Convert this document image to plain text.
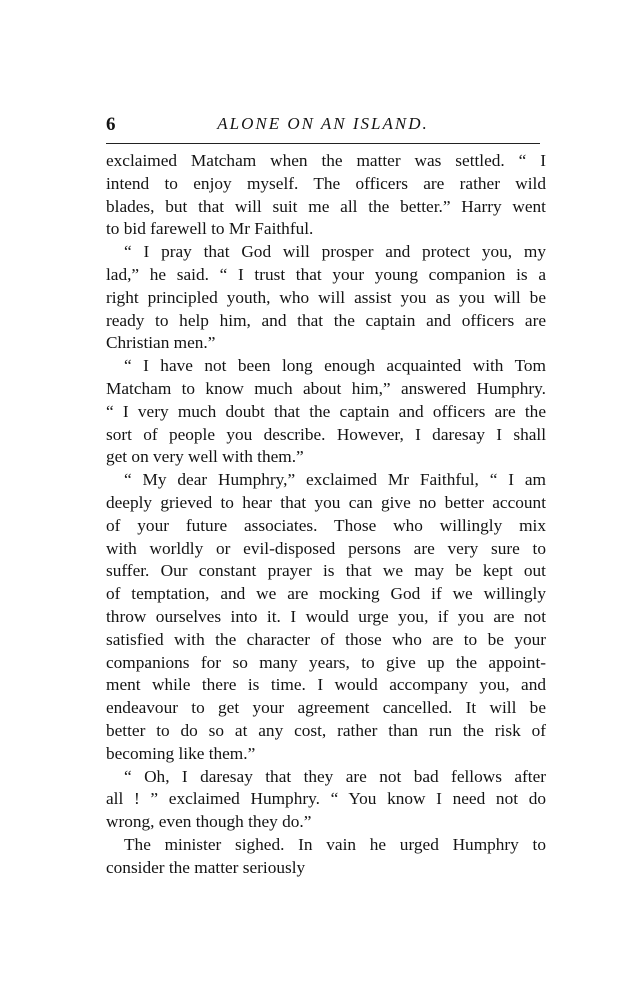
6	ALONE ON AN ISLAND.
exclaimed Matcham when the matter was settled. “ I
intend to enjoy myself. The officers are rather wild
blades, but that will suit me all the better.” Harry went
to bid farewell to Mr Faithful.
“ I pray that God will prosper and protect you, my
lad,” he said. “ I trust that your young companion is a
right principled youth, who will assist you as you will be
ready to help him, and that the captain and officers are
Christian men.”
“ I have not been long enough acquainted with Tom
Matcham to know much about him,” answered Humphry.
“ I very much doubt that the captain and officers are the
sort of people you describe. However, I daresay I shall
get on very well with them.”
“ My dear Humphry,” exclaimed Mr Faithful, “ I am
deeply grieved to hear that you can give no better account
of your future associates. Those who willingly mix
with worldly or evil-disposed persons are very sure to
suffer. Our constant prayer is that we may be kept out
of temptation, and we are mocking God if we willingly
throw ourselves into it. I would urge you, if you are not
satisfied with the character of those who are to be your
companions for so many years, to give up the appoint-
ment while there is time. I would accompany you, and
endeavour to get your agreement cancelled. It will be
better to do so at any cost, rather than run the risk of
becoming like them.”
“ Oh, I daresay that they are not bad fellows after
all ! ” exclaimed Humphry. “ You know I need not do
wrong, even though they do.”
The minister sighed. In vain he urged Humphry to
consider the matter seriously
